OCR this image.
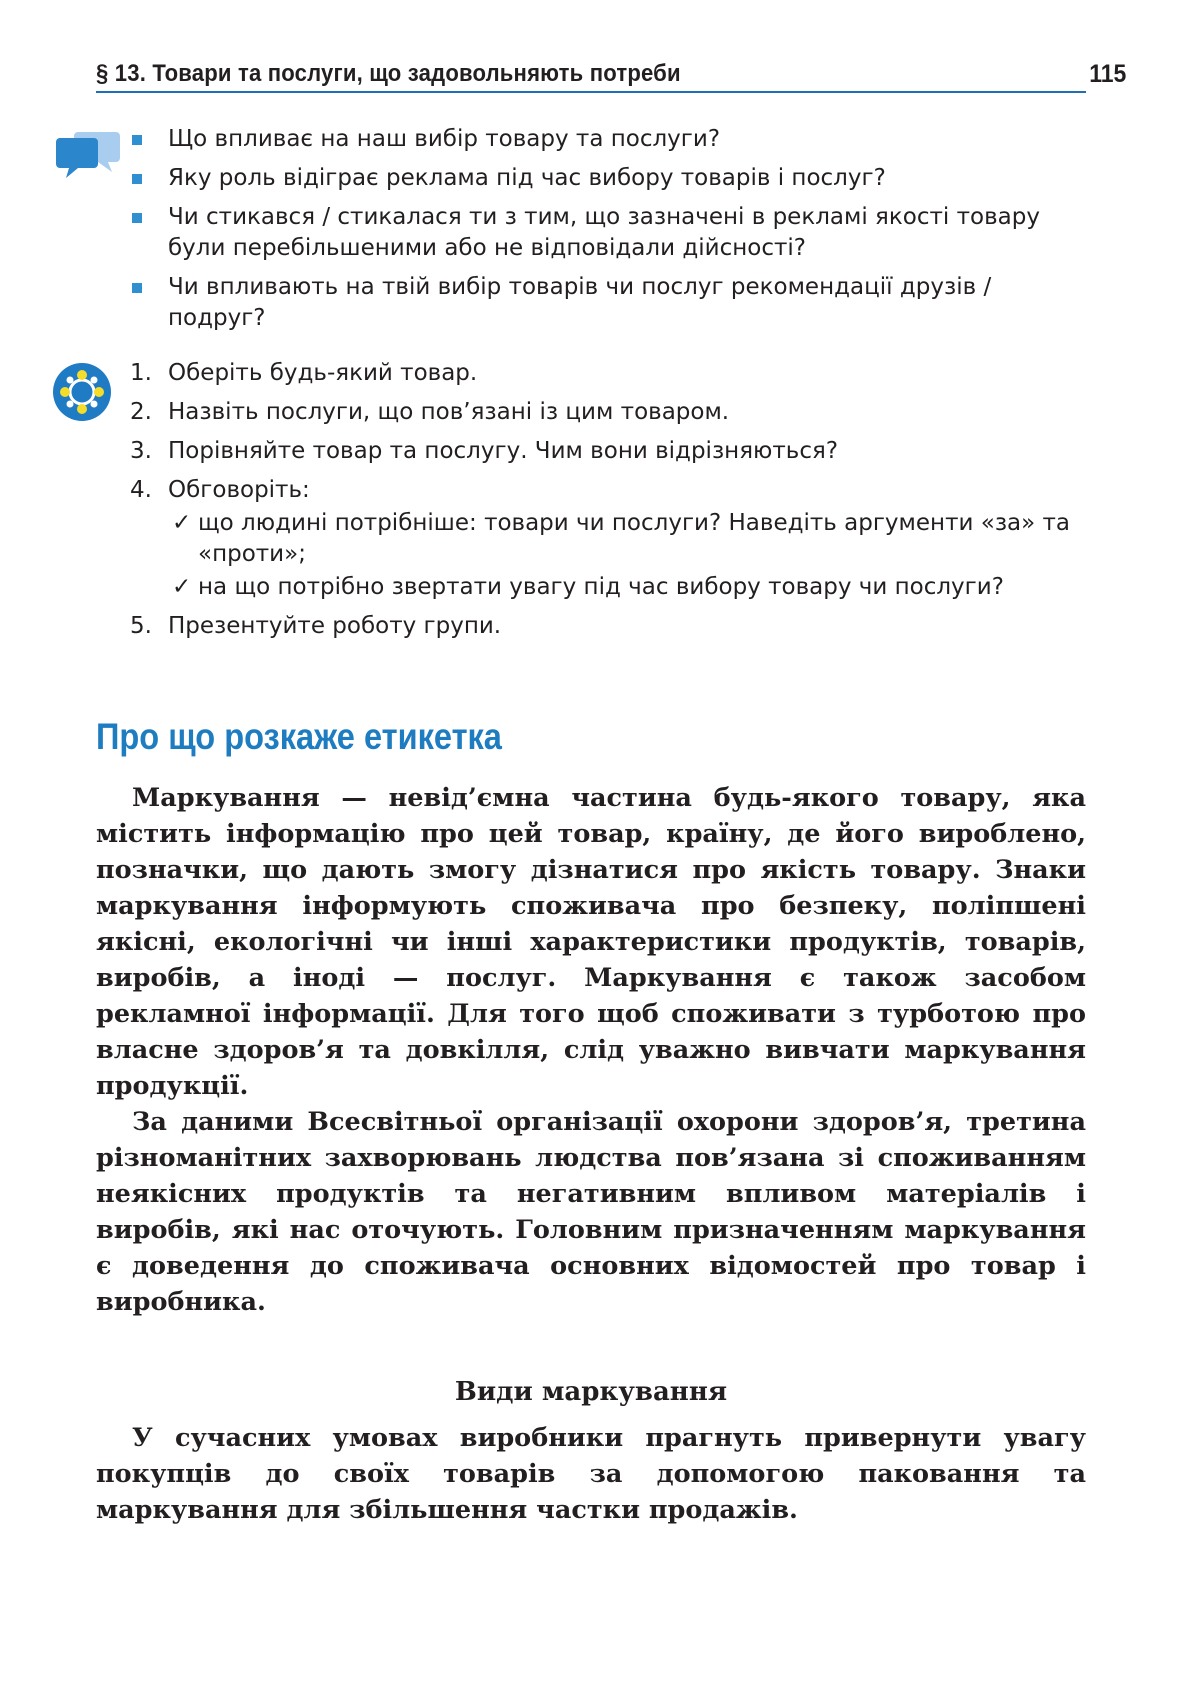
§ 13. Товари та послуги, що задовольняють потреби	115
Що впливає на наш вибір товару та послуги?
Яку роль відіграє реклама під час вибору товарів і послуг?
Чи стикався / стикалася ти з тим, що зазначені в рекламі якості товару були перебільшеними або не відповідали дійсності?
Чи впливають на твій вибір товарів чи послуг рекомендації друзів / подруг?
1. Оберіть будь-який товар.
2. Назвіть послуги, що пов’язані із цим товаром.
3. Порівняйте товар та послугу. Чим вони відрізняються?
4. Обговоріть:
✓ що людині потрібніше: товари чи послуги? Наведіть аргументи «за» та «проти»;
✓ на що потрібно звертати увагу під час вибору товару чи послуги?
5. Презентуйте роботу групи.
Про що розкаже етикетка

Маркування — невід’ємна частина будь-якого товару, яка містить інформацію про цей товар, країну, де його вироблено, позначки, що дають змогу дізнатися про якість товару. Знаки маркування інформують споживача про безпеку, поліпшені якісні, екологічні чи інші характеристики продуктів, товарів, виробів, а іноді — послуг. Маркування є також засобом рекламної інформації. Для того щоб споживати з турботою про власне здоров’я та довкілля, слід уважно вивчати маркування продукції.

За даними Всесвітньої організації охорони здоров’я, третина різноманітних захворювань людства пов’язана зі споживанням неякісних продуктів та негативним впливом матеріалів і виробів, які нас оточують. Головним призначенням маркування є доведення до споживача основних відомостей про товар і виробника.

Види маркування

У сучасних умовах виробники прагнуть привернути увагу покупців до своїх товарів за допомогою паковання та маркування для збільшення частки продажів.
